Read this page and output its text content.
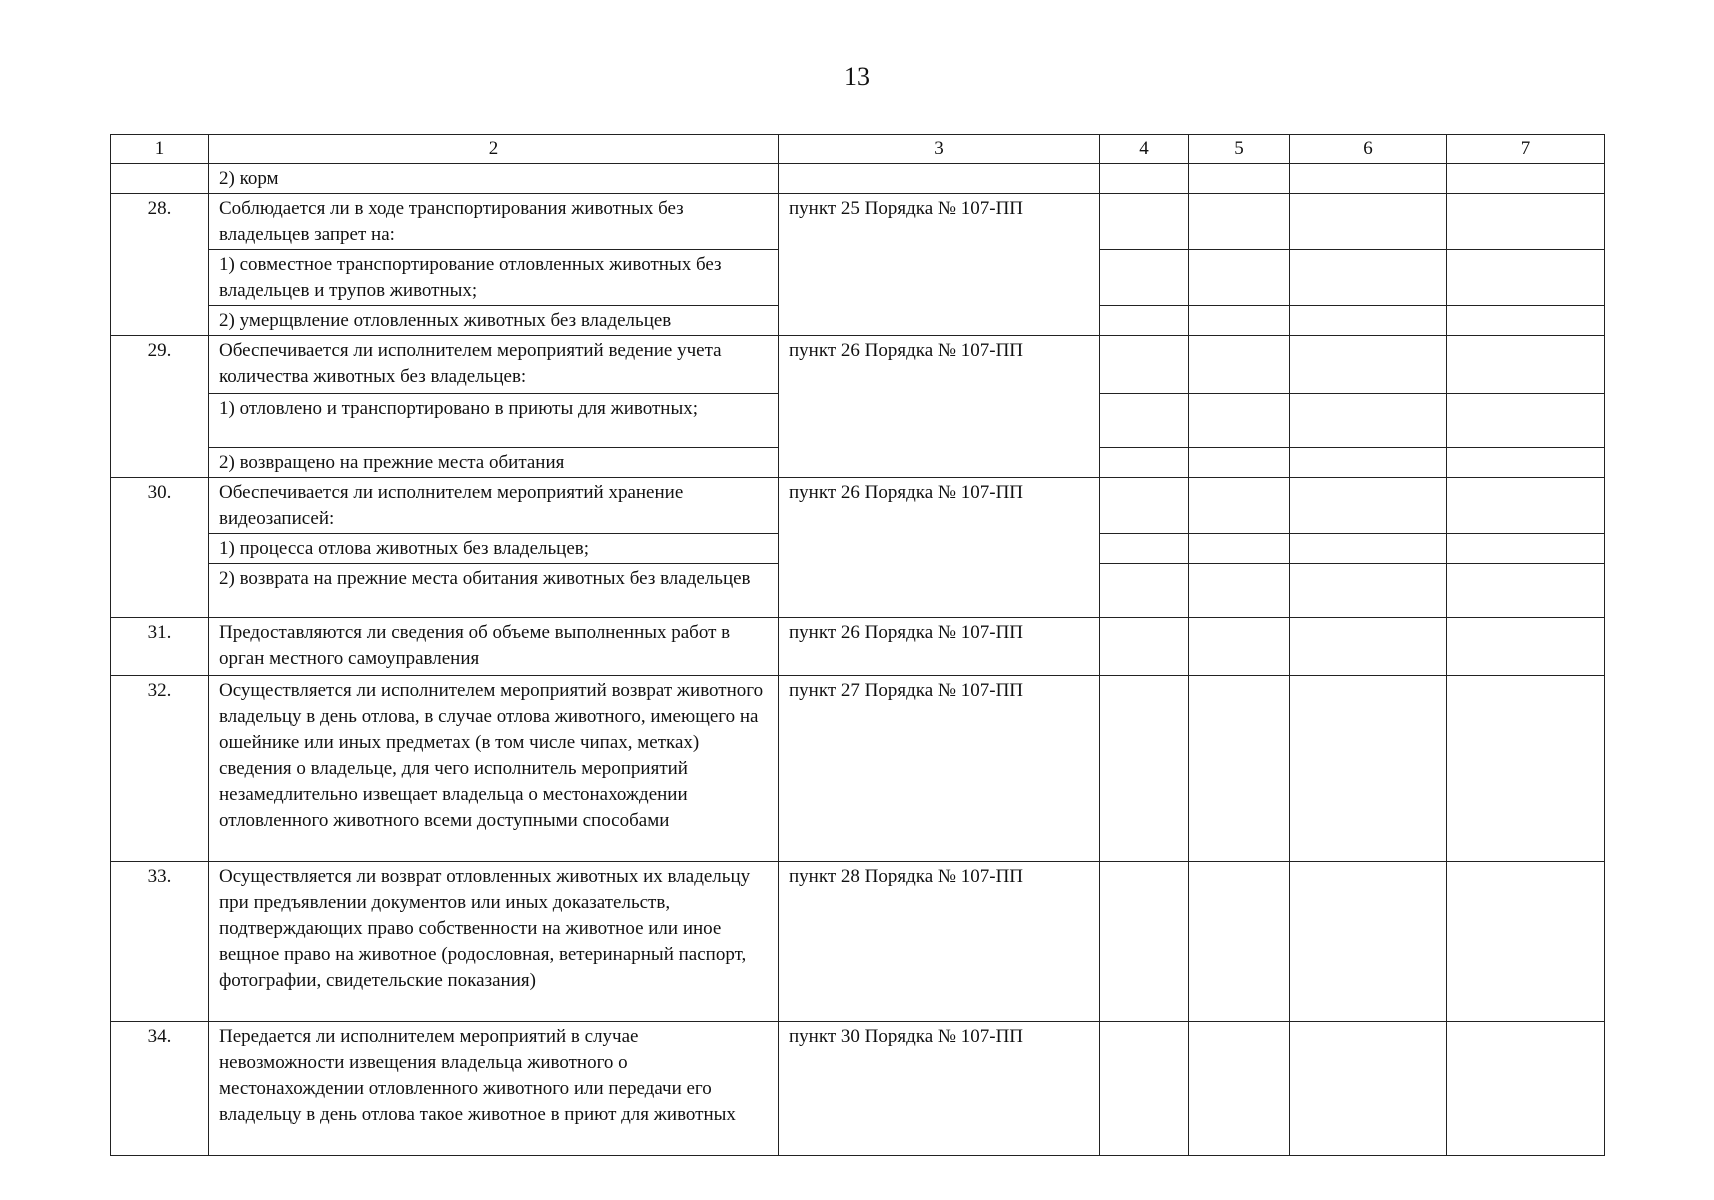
13
1	2	3	4	5	6	7
	2) корм					
28.	Соблюдается ли в ходе транспортирования животных без владельцев запрет на:	пункт 25 Порядка № 107-ПП				
	1) совместное транспортирование отловленных животных без владельцев и трупов животных;					
	2) умерщвление отловленных животных без владельцев					
29.	Обеспечивается ли исполнителем мероприятий ведение учета количества животных без владельцев:	пункт 26 Порядка № 107-ПП				
	1) отловлено и транспортировано в приюты для животных;					
	2) возвращено на прежние места обитания					
30.	Обеспечивается ли исполнителем мероприятий хранение видеозаписей:	пункт 26 Порядка № 107-ПП				
	1) процесса отлова животных без владельцев;					
	2) возврата на прежние места обитания животных без владельцев					
31.	Предоставляются ли сведения об объеме выполненных работ в орган местного самоуправления	пункт 26 Порядка № 107-ПП				
32.	Осуществляется ли исполнителем мероприятий возврат животного владельцу в день отлова, в случае отлова животного, имеющего на ошейнике или иных предметах (в том числе чипах, метках) сведения о владельце, для чего исполнитель мероприятий незамедлительно извещает владельца о местонахождении отловленного животного всеми доступными способами	пункт 27 Порядка № 107-ПП				
33.	Осуществляется ли возврат отловленных животных их владельцу при предъявлении документов или иных доказательств, подтверждающих право собственности на животное или иное вещное право на животное (родословная, ветеринарный паспорт, фотографии, свидетельские показания)	пункт 28 Порядка № 107-ПП				
34.	Передается ли исполнителем мероприятий в случае невозможности извещения владельца животного о местонахождении отловленного животного или передачи его владельцу в день отлова такое животное в приют для животных	пункт 30 Порядка № 107-ПП				
